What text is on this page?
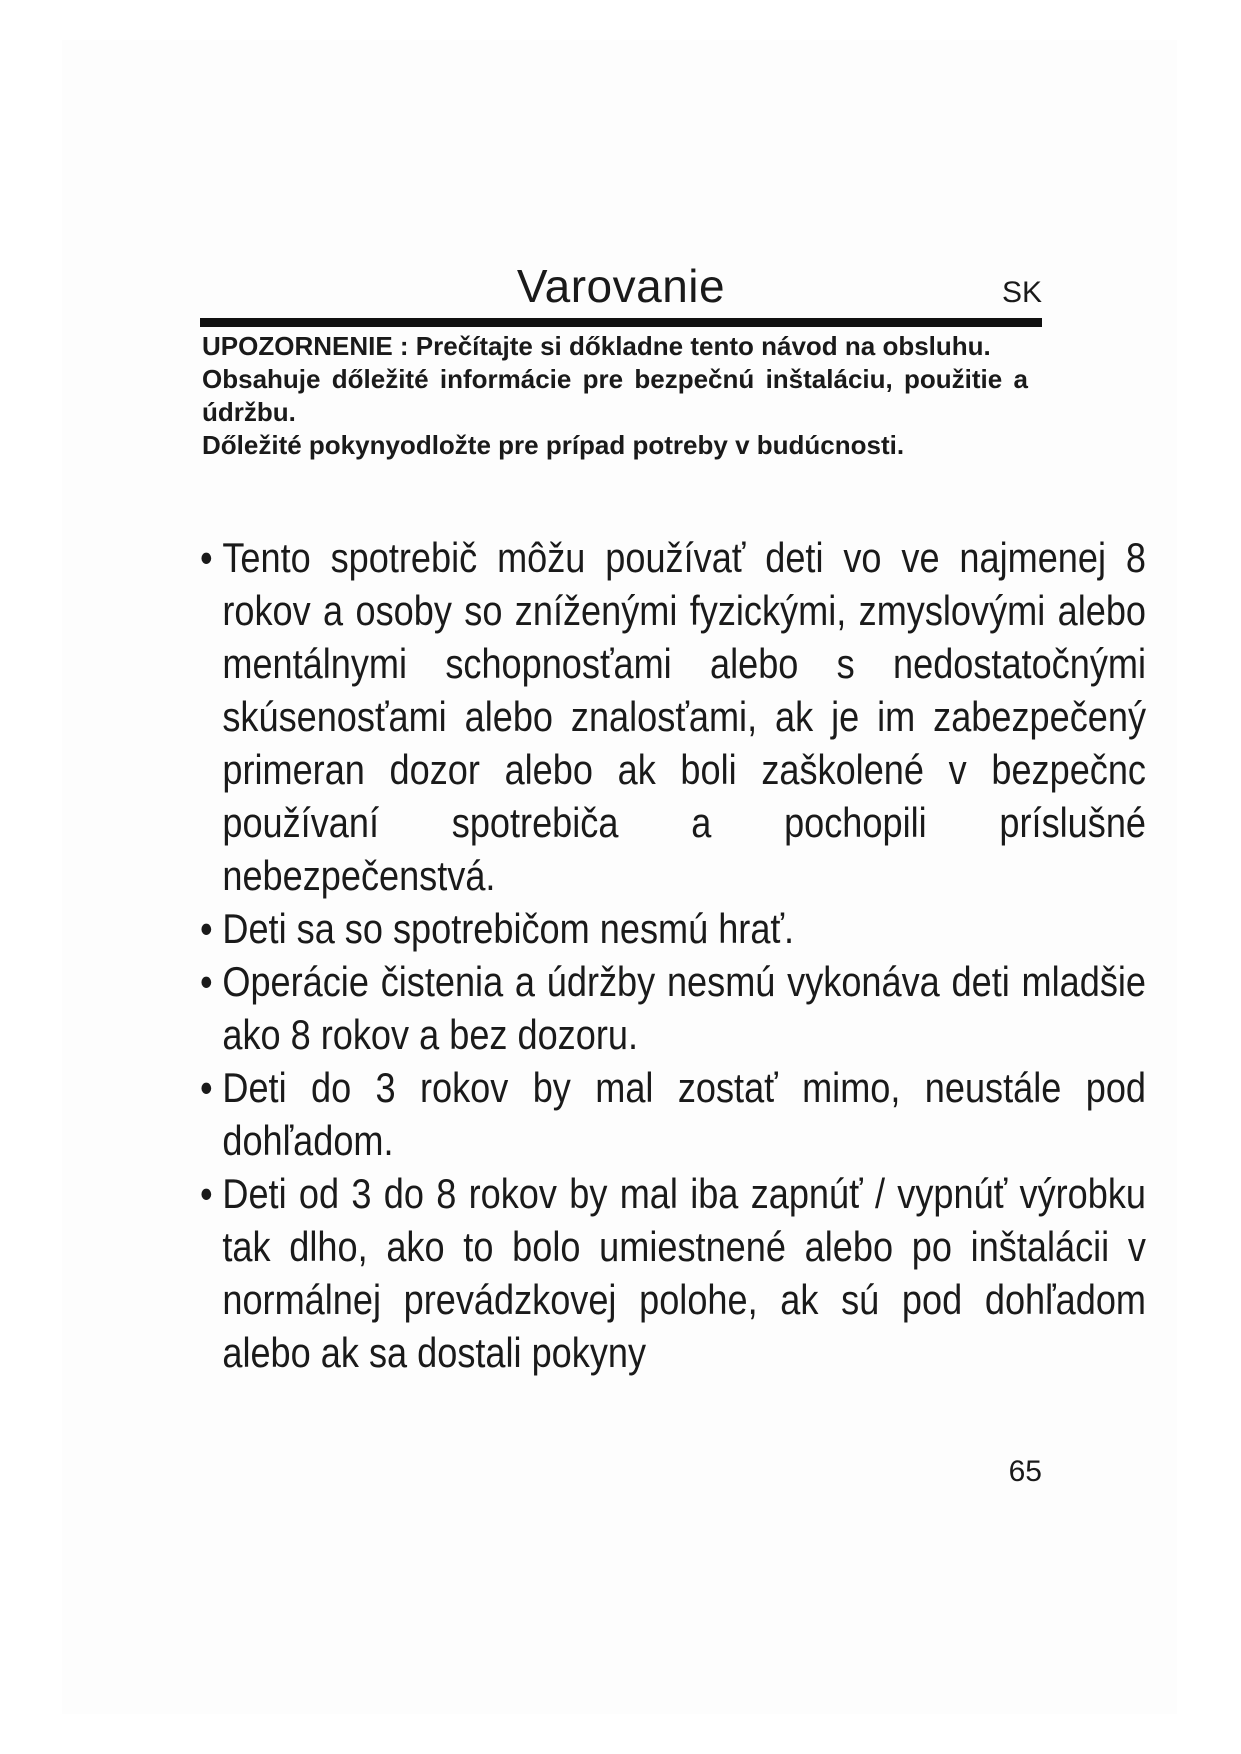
Varovanie	SK

UPOZORNENIE : Prečítajte si dőkladne tento návod na obsluhu.

Obsahuje dőležité informácie pre bezpečnú inštaláciu, použitie a údržbu.

Dőležité pokynyodložte pre prípad potreby v budúcnosti.

• Tento spotrebič môžu používať deti vo ve najmenej 8 rokov a osoby so zníženými fyzickými, zmyslovými alebo mentálnymi schopnosťami alebo s nedostatočnými skúsenosťami alebo znalosťami, ak je im zabezpečený primeran dozor alebo ak boli zaškolené v bezpečnc používaní spotrebiča a pochopili príslušné nebezpečenstvá.
• Deti sa so spotrebičom nesmú hrať.
• Operácie čistenia a údržby nesmú vykonáva deti mladšie ako 8 rokov a bez dozoru.
• Deti do 3 rokov by mal zostať mimo, neustále pod dohľadom.
• Deti od 3 do 8 rokov by mal iba zapnúť / vypnúť výrobku tak dlho, ako to bolo umiestnené alebo po inštalácii v normálnej prevádzkovej polohe, ak sú pod dohľadom alebo ak sa dostali pokyny
65
